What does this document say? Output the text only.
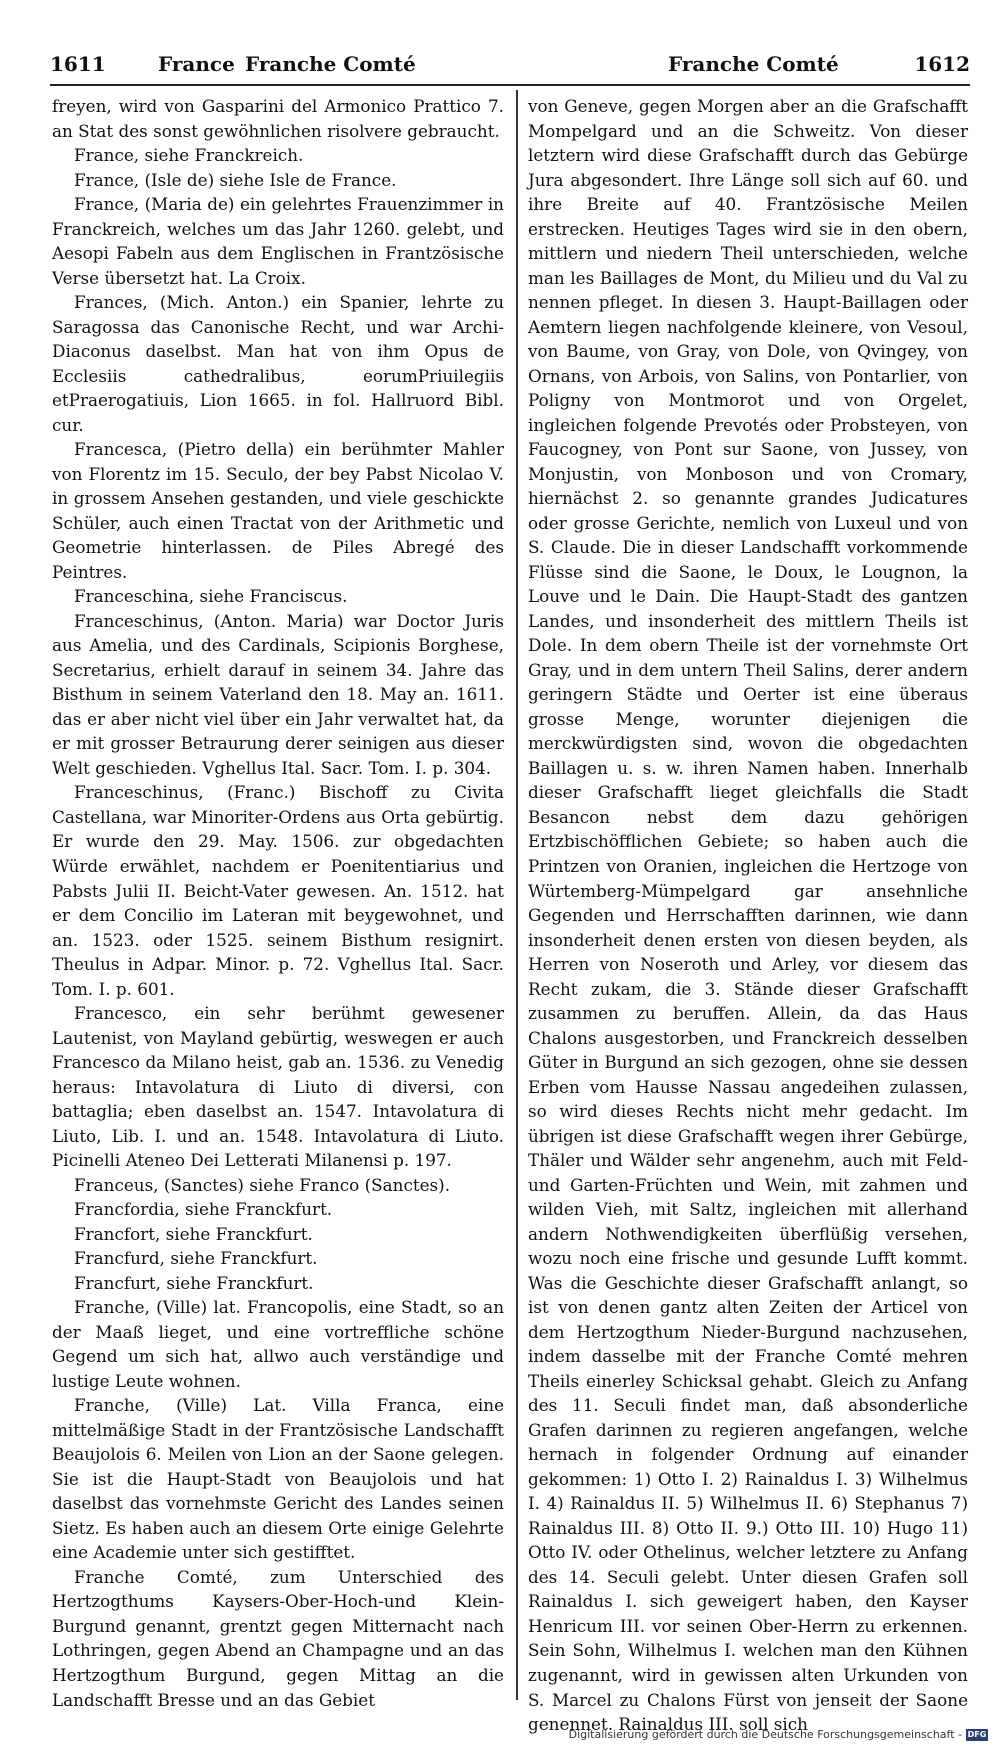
1611	France Franche Comté	Franche Comté	1612

freyen, wird von Gasparini del Armonico Prattico 7. an Stat des sonst gewöhnlichen risolvere gebraucht.

France, siehe Franckreich.

France, (Isle de) siehe Isle de France.

France, (Maria de) ein gelehrtes Frauenzimmer in Franckreich, welches um das Jahr 1260. gelebt, und Aesopi Fabeln aus dem Englischen in Frantzösische Verse übersetzt hat. La Croix.

Frances, (Mich. Anton.) ein Spanier, lehrte zu Saragossa das Canonische Recht, und war Archi-Diaconus daselbst. Man hat von ihm Opus de Ecclesiis cathedralibus, eorumPriuilegiis etPraerogatiuis, Lion 1665. in fol. Hallruord Bibl. cur.

Francesca, (Pietro della) ein berühmter Mahler von Florentz im 15. Seculo, der bey Pabst Nicolao V. in grossem Ansehen gestanden, und viele geschickte Schüler, auch einen Tractat von der Arithmetic und Geometrie hinterlassen. de Piles Abregé des Peintres.

Franceschina, siehe Franciscus.

Franceschinus, (Anton. Maria) war Doctor Juris aus Amelia, und des Cardinals, Scipionis Borghese, Secretarius, erhielt darauf in seinem 34. Jahre das Bisthum in seinem Vaterland den 18. May an. 1611. das er aber nicht viel über ein Jahr verwaltet hat, da er mit grosser Betraurung derer seinigen aus dieser Welt geschieden. Vghellus Ital. Sacr. Tom. I. p. 304.

Franceschinus, (Franc.) Bischoff zu Civita Castellana, war Minoriter-Ordens aus Orta gebürtig. Er wurde den 29. May. 1506. zur obgedachten Würde erwählet, nachdem er Poenitentiarius und Pabsts Julii II. Beicht-Vater gewesen. An. 1512. hat er dem Concilio im Lateran mit beygewohnet, und an. 1523. oder 1525. seinem Bisthum resignirt. Theulus in Adpar. Minor. p. 72. Vghellus Ital. Sacr. Tom. I. p. 601.

Francesco, ein sehr berühmt gewesener Lautenist, von Mayland gebürtig, weswegen er auch Francesco da Milano heist, gab an. 1536. zu Venedig heraus: Intavolatura di Liuto di diversi, con battaglia; eben daselbst an. 1547. Intavolatura di Liuto, Lib. I. und an. 1548. Intavolatura di Liuto. Picinelli Ateneo Dei Letterati Milanensi p. 197.

Franceus, (Sanctes) siehe Franco (Sanctes).

Francfordia, siehe Franckfurt.

Francfort, siehe Franckfurt.

Francfurd, siehe Franckfurt.

Francfurt, siehe Franckfurt.

Franche, (Ville) lat. Francopolis, eine Stadt, so an der Maaß lieget, und eine vortreffliche schöne Gegend um sich hat, allwo auch verständige und lustige Leute wohnen.

Franche, (Ville) Lat. Villa Franca, eine mittelmäßige Stadt in der Frantzösische Landschafft Beaujolois 6. Meilen von Lion an der Saone gelegen. Sie ist die Haupt-Stadt von Beaujolois und hat daselbst das vornehmste Gericht des Landes seinen Sietz. Es haben auch an diesem Orte einige Gelehrte eine Academie unter sich gestifftet.

Franche Comté, zum Unterschied des Hertzogthums Kaysers-Ober-Hoch-und Klein-Burgund genannt, grentzt gegen Mitternacht nach Lothringen, gegen Abend an Champagne und an das Hertzogthum Burgund, gegen Mittag an die Landschafft Bresse und an das Gebiet

von Geneve, gegen Morgen aber an die Grafschafft Mompelgard und an die Schweitz. Von dieser letztern wird diese Grafschafft durch das Gebürge Jura abgesondert. Ihre Länge soll sich auf 60. und ihre Breite auf 40. Frantzösische Meilen erstrecken. Heutiges Tages wird sie in den obern, mittlern und niedern Theil unterschieden, welche man les Baillages de Mont, du Milieu und du Val zu nennen pfleget. In diesen 3. Haupt-Baillagen oder Aemtern liegen nachfolgende kleinere, von Vesoul, von Baume, von Gray, von Dole, von Qvingey, von Ornans, von Arbois, von Salins, von Pontarlier, von Poligny von Montmorot und von Orgelet, ingleichen folgende Prevotés oder Probsteyen, von Faucogney, von Pont sur Saone, von Jussey, von Monjustin, von Monboson und von Cromary, hiernächst 2. so genannte grandes Judicatures oder grosse Gerichte, nemlich von Luxeul und von S. Claude. Die in dieser Landschafft vorkommende Flüsse sind die Saone, le Doux, le Lougnon, la Louve und le Dain. Die Haupt-Stadt des gantzen Landes, und insonderheit des mittlern Theils ist Dole. In dem obern Theile ist der vornehmste Ort Gray, und in dem untern Theil Salins, derer andern geringern Städte und Oerter ist eine überaus grosse Menge, worunter diejenigen die merckwürdigsten sind, wovon die obgedachten Baillagen u. s. w. ihren Namen haben. Innerhalb dieser Grafschafft lieget gleichfalls die Stadt Besancon nebst dem dazu gehörigen Ertzbischöfflichen Gebiete; so haben auch die Printzen von Oranien, ingleichen die Hertzoge von Würtemberg-Mümpelgard gar ansehnliche Gegenden und Herrschafften darinnen, wie dann insonderheit denen ersten von diesen beyden, als Herren von Noseroth und Arley, vor diesem das Recht zukam, die 3. Stände dieser Grafschafft zusammen zu beruffen. Allein, da das Haus Chalons ausgestorben, und Franckreich desselben Güter in Burgund an sich gezogen, ohne sie dessen Erben vom Hausse Nassau angedeihen zulassen, so wird dieses Rechts nicht mehr gedacht. Im übrigen ist diese Grafschafft wegen ihrer Gebürge, Thäler und Wälder sehr angenehm, auch mit Feld- und Garten-Früchten und Wein, mit zahmen und wilden Vieh, mit Saltz, ingleichen mit allerhand andern Nothwendigkeiten überflüßig versehen, wozu noch eine frische und gesunde Lufft kommt. Was die Geschichte dieser Grafschafft anlangt, so ist von denen gantz alten Zeiten der Articel von dem Hertzogthum Nieder-Burgund nachzusehen, indem dasselbe mit der Franche Comté mehren Theils einerley Schicksal gehabt. Gleich zu Anfang des 11. Seculi findet man, daß absonderliche Grafen darinnen zu regieren angefangen, welche hernach in folgender Ordnung auf einander gekommen: 1) Otto I. 2) Rainaldus I. 3) Wilhelmus I. 4) Rainaldus II. 5) Wilhelmus II. 6) Stephanus 7) Rainaldus III. 8) Otto II. 9.) Otto III. 10) Hugo 11) Otto IV. oder Othelinus, welcher letztere zu Anfang des 14. Seculi gelebt. Unter diesen Grafen soll Rainaldus I. sich geweigert haben, den Kayser Henricum III. vor seinen Ober-Herrn zu erkennen. Sein Sohn, Wilhelmus I. welchen man den Kühnen zugenannt, wird in gewissen alten Urkunden von S. Marcel zu Chalons Fürst von jenseit der Saone genennet. Rainaldus III. soll sich

Digitalisierung gefördert durch die Deutsche Forschungsgemeinschaft - DFG
